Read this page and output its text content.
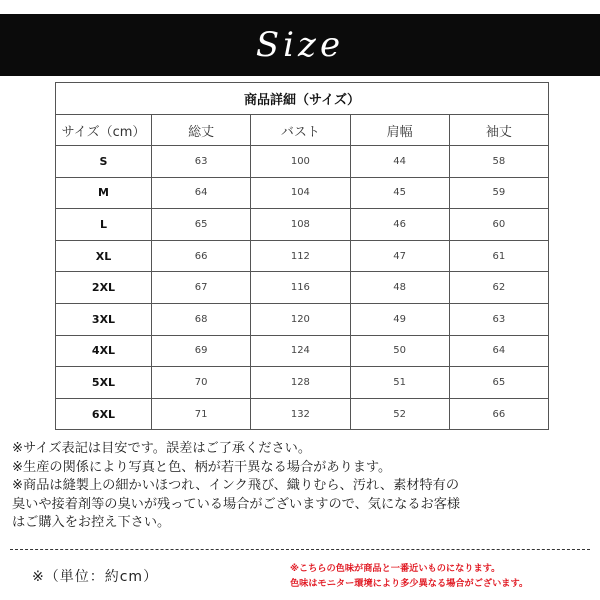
Size
商品詳細（サイズ）				
サイズ（cm）	総丈	バスト	肩幅	袖丈
S	63	100	44	58
M	64	104	45	59
L	65	108	46	60
XL	66	112	47	61
2XL	67	116	48	62
3XL	68	120	49	63
4XL	69	124	50	64
5XL	70	128	51	65
6XL	71	132	52	66

※サイズ表記は目安です。誤差はご了承ください。

※生産の関係により写真と色、柄が若干異なる場合があります。

※商品は縫製上の細かいほつれ、インク飛び、織りむら、汚れ、素材特有の

臭いや接着剤等の臭いが残っている場合がございますので、気になるお客様

はご購入をお控え下さい。

※（単位：約cm）

※こちらの色味が商品と一番近いものになります。

色味はモニター環境により多少異なる場合がございます。
